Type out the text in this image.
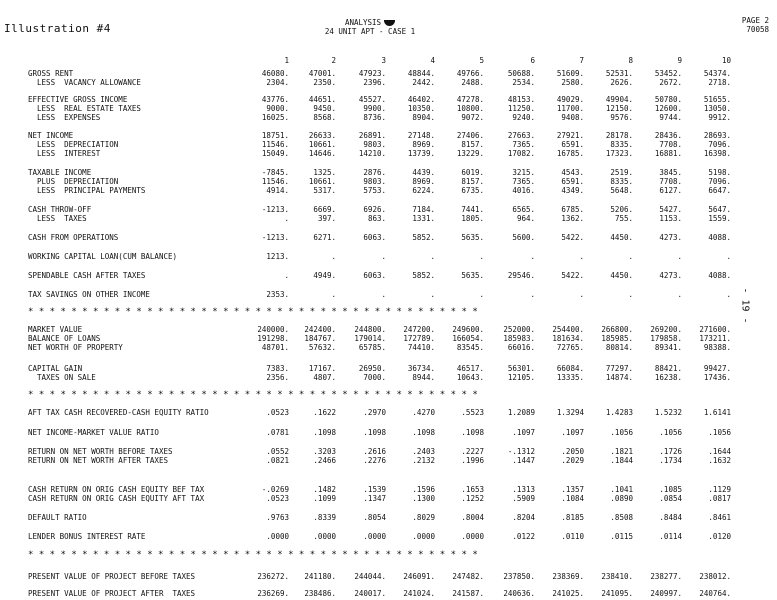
Illustration #4	ANALYSIS
24 UNIT APT - CASE 1
PAGE 2
70058
- 19 -
1	2	3	4	5	6	7	8	9	10
GROSS RENT	46080.	47001.	47923.	48844.	49766.	50688.	51609.	52531.	53452.	54374.
LESS  VACANCY ALLOWANCE	2304.	2350.	2396.	2442.	2488.	2534.	2580.	2626.	2672.	2718.
EFFECTIVE GROSS INCOME	43776.	44651.	45527.	46402.	47278.	48153.	49029.	49904.	50780.	51655.
LESS  REAL ESTATE TAXES	9000.	9450.	9900.	10350.	10800.	11250.	11700.	12150.	12600.	13050.
LESS  EXPENSES	16025.	8568.	8736.	8904.	9072.	9240.	9408.	9576.	9744.	9912.
NET INCOME	18751.	26633.	26891.	27148.	27406.	27663.	27921.	28178.	28436.	28693.
LESS  DEPRECIATION	11546.	10661.	9803.	8969.	8157.	7365.	6591.	8335.	7708.	7096.
LESS  INTEREST	15049.	14646.	14210.	13739.	13229.	17082.	16785.	17323.	16881.	16398.
TAXABLE INCOME	-7845.	1325.	2876.	4439.	6019.	3215.	4543.	2519.	3845.	5198.
PLUS  DEPRECIATION	11546.	10661.	9803.	8969.	8157.	7365.	6591.	8335.	7708.	7096.
LESS  PRINCIPAL PAYMENTS	4914.	5317.	5753.	6224.	6735.	4016.	4349.	5648.	6127.	6647.
CASH THROW-OFF	-1213.	6669.	6926.	7184.	7441.	6565.	6785.	5206.	5427.	5647.
LESS  TAXES	.	397.	863.	1331.	1805.	964.	1362.	755.	1153.	1559.
CASH FROM OPERATIONS	-1213.	6271.	6063.	5852.	5635.	5600.	5422.	4450.	4273.	4088.
WORKING CAPITAL LOAN(CUM BALANCE)	1213.	.	.	.	.	.	.	.	.	.
SPENDABLE CASH AFTER TAXES	.	4949.	6063.	5852.	5635.	29546.	5422.	4450.	4273.	4088.
TAX SAVINGS ON OTHER INCOME	2353.	.	.	.	.	.	.	.	.	.
MARKET VALUE	240000.	242400.	244800.	247200.	249600.	252000.	254400.	266800.	269200.	271600.
BALANCE OF LOANS	191298.	184767.	179014.	172789.	166054.	185983.	181634.	185985.	179858.	173211.
NET WORTH OF PROPERTY	48701.	57632.	65785.	74410.	83545.	66016.	72765.	80814.	89341.	98388.
CAPITAL GAIN	7383.	17167.	26950.	36734.	46517.	56301.	66084.	77297.	88421.	99427.
TAXES ON SALE	2356.	4807.	7000.	8944.	10643.	12105.	13335.	14874.	16238.	17436.
AFT TAX CASH RECOVERED-CASH EQUITY RATIO	.0523	.1622	.2970	.4270	.5523	1.2089	1.3294	1.4283	1.5232	1.6141
NET INCOME-MARKET VALUE RATIO	.0781	.1098	.1098	.1098	.1098	.1097	.1097	.1056	.1056	.1056
RETURN ON NET WORTH BEFORE TAXES	.0552	.3203	.2616	.2403	.2227	-.1312	.2050	.1821	.1726	.1644
RETURN ON NET WORTH AFTER TAXES	.0821	.2466	.2276	.2132	.1996	.1447	.2029	.1844	.1734	.1632
CASH RETURN ON ORIG CASH EQUITY BEF TAX	-.0269	.1482	.1539	.1596	.1653	.1313	.1357	.1041	.1085	.1129
CASH RETURN ON ORIG CASH EQUITY AFT TAX	.0523	.1099	.1347	.1300	.1252	.5909	.1084	.0890	.0854	.0817
DEFAULT RATIO	.9763	.8339	.8054	.8029	.8004	.8204	.8185	.8508	.8484	.8461
LENDER BONUS INTEREST RATE	.0000	.0000	.0000	.0000	.0000	.0122	.0110	.0115	.0114	.0120
PRESENT VALUE OF PROJECT BEFORE TAXES	236272.	241180.	244044.	246091.	247482.	237850.	238369.	238410.	238277.	238012.
PRESENT VALUE OF PROJECT AFTER  TAXES	236269.	238486.	240017.	241024.	241587.	240636.	241025.	241095.	240997.	240764.
* * * * * * * * * * * * * * * * * * * * * * * * * * * * * * * * * * * * * * * * * *
* * * * * * * * * * * * * * * * * * * * * * * * * * * * * * * * * * * * * * * * * *
* * * * * * * * * * * * * * * * * * * * * * * * * * * * * * * * * * * * * * * * * *
